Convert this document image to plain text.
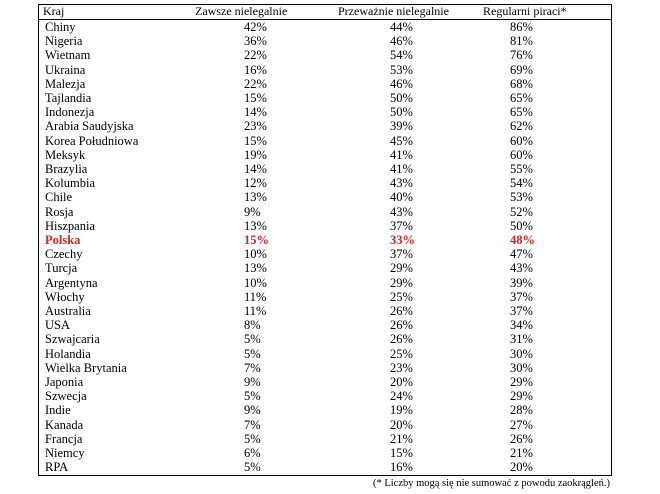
Kraj	Zawsze nielegalnie	Przeważnie nielegalnie	Regularni piraci*
Chiny	42%	44%	86%
Nigeria	36%	46%	81%
Wietnam	22%	54%	76%
Ukraina	16%	53%	69%
Malezja	22%	46%	68%
Tajlandia	15%	50%	65%
Indonezja	14%	50%	65%
Arabia Saudyjska	23%	39%	62%
Korea Południowa	15%	45%	60%
Meksyk	19%	41%	60%
Brazylia	14%	41%	55%
Kolumbia	12%	43%	54%
Chile	13%	40%	53%
Rosja	9%	43%	52%
Hiszpania	13%	37%	50%
Polska	15%	33%	48%
Czechy	10%	37%	47%
Turcja	13%	29%	43%
Argentyna	10%	29%	39%
Włochy	11%	25%	37%
Australia	11%	26%	37%
USA	8%	26%	34%
Szwajcaria	5%	26%	31%
Holandia	5%	25%	30%
Wielka Brytania	7%	23%	30%
Japonia	9%	20%	29%
Szwecja	5%	24%	29%
Indie	9%	19%	28%
Kanada	7%	20%	27%
Francja	5%	21%	26%
Niemcy	6%	15%	21%
RPA	5%	16%	20%
(* Liczby mogą się nie sumować z powodu zaokrągleń.)
